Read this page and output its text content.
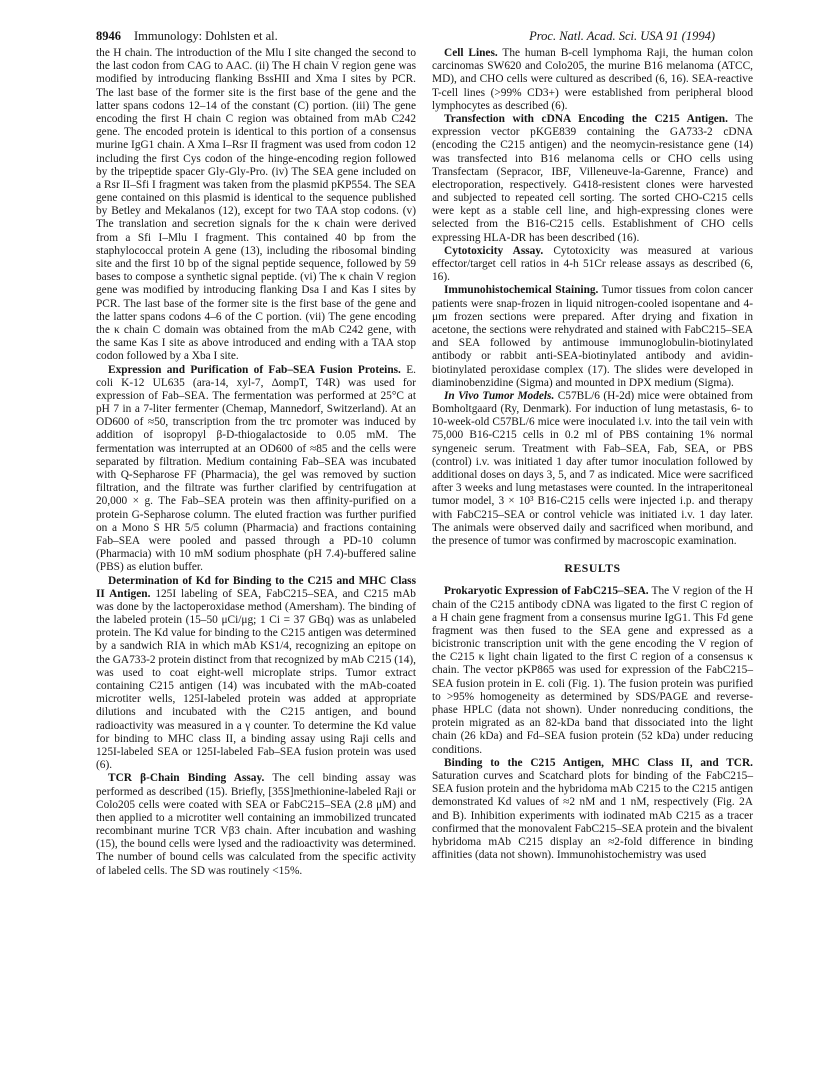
8946 Immunology: Dohlsten et al.	Proc. Natl. Acad. Sci. USA 91 (1994)

the H chain. The introduction of the Mlu I site changed the second to the last codon from CAG to AAC. (ii) The H chain V region gene was modified by introducing flanking BssHII and Xma I sites by PCR. The last base of the former site is the first base of the gene and the latter spans codons 12–14 of the constant (C) portion. (iii) The gene encoding the first H chain C region was obtained from mAb C242 gene. The encoded protein is identical to this portion of a consensus murine IgG1 chain. A Xma I–Rsr II fragment was used from codon 12 including the first Cys codon of the hinge-encoding region followed by the tripeptide spacer Gly-Gly-Pro. (iv) The SEA gene included on a Rsr II–Sfi I fragment was taken from the plasmid pKP554. The SEA gene contained on this plasmid is identical to the sequence published by Betley and Mekalanos (12), except for two TAA stop codons. (v) The translation and secretion signals for the κ chain were derived from a Sfi I–Mlu I fragment. This contained 40 bp from the staphylococcal protein A gene (13), including the ribosomal binding site and the first 10 bp of the signal peptide sequence, followed by 59 bases to compose a synthetic signal peptide. (vi) The κ chain V region gene was modified by introducing flanking Dsa I and Kas I sites by PCR. The last base of the former site is the first base of the gene and the latter spans codons 4–6 of the C portion. (vii) The gene encoding the κ chain C domain was obtained from the mAb C242 gene, with the same Kas I site as above introduced and ending with a TAA stop codon followed by a Xba I site.

Expression and Purification of Fab–SEA Fusion Proteins. E. coli K-12 UL635 (ara-14, xyl-7, ΔompT, T4R) was used for expression of Fab–SEA. The fermentation was performed at 25°C at pH 7 in a 7-liter fermenter (Chemap, Mannedorf, Switzerland). At an OD600 of ≈50, transcription from the trc promoter was induced by addition of isopropyl β-D-thiogalactoside to 0.05 mM. The fermentation was interrupted at an OD600 of ≈85 and the cells were separated by filtration. Medium containing Fab–SEA was incubated with Q-Sepharose FF (Pharmacia), the gel was removed by suction filtration, and the filtrate was further clarified by centrifugation at 20,000 × g. The Fab–SEA protein was then affinity-purified on a protein G-Sepharose column. The eluted fraction was further purified on a Mono S HR 5/5 column (Pharmacia) and fractions containing Fab–SEA were pooled and passed through a PD-10 column (Pharmacia) with 10 mM sodium phosphate (pH 7.4)-buffered saline (PBS) as elution buffer.

Determination of Kd for Binding to the C215 and MHC Class II Antigen. 125I labeling of SEA, FabC215–SEA, and C215 mAb was done by the lactoperoxidase method (Amersham). The binding of the labeled protein (15–50 μCi/μg; 1 Ci = 37 GBq) was as unlabeled protein. The Kd value for binding to the C215 antigen was determined by a sandwich RIA in which mAb KS1/4, recognizing an epitope on the GA733-2 protein distinct from that recognized by mAb C215 (14), was used to coat eight-well microplate strips. Tumor extract containing C215 antigen (14) was incubated with the mAb-coated microtiter wells, 125I-labeled protein was added at appropriate dilutions and incubated with the C215 antigen, and bound radioactivity was measured in a γ counter. To determine the Kd value for binding to MHC class II, a binding assay using Raji cells and 125I-labeled SEA or 125I-labeled Fab–SEA fusion protein was used (6).

TCR β-Chain Binding Assay. The cell binding assay was performed as described (15). Briefly, [35S]methionine-labeled Raji or Colo205 cells were coated with SEA or FabC215–SEA (2.8 μM) and then applied to a microtiter well containing an immobilized truncated recombinant murine TCR Vβ3 chain. After incubation and washing (15), the bound cells were lysed and the radioactivity was determined. The number of bound cells was calculated from the specific activity of labeled cells. The SD was routinely <15%.

Cell Lines. The human B-cell lymphoma Raji, the human colon carcinomas SW620 and Colo205, the murine B16 melanoma (ATCC, MD), and CHO cells were cultured as described (6, 16). SEA-reactive T-cell lines (>99% CD3+) were established from peripheral blood lymphocytes as described (6).

Transfection with cDNA Encoding the C215 Antigen. The expression vector pKGE839 containing the GA733-2 cDNA (encoding the C215 antigen) and the neomycin-resistance gene (14) was transfected into B16 melanoma cells or CHO cells using Transfectam (Sepracor, IBF, Villeneuve-la-Garenne, France) and electroporation, respectively. G418-resistent clones were harvested and subjected to repeated cell sorting. The sorted CHO-C215 cells were kept as a stable cell line, and high-expressing clones were selected from the B16-C215 cells. Establishment of CHO cells expressing HLA-DR has been described (16).

Cytotoxicity Assay. Cytotoxicity was measured at various effector/target cell ratios in 4-h 51Cr release assays as described (6, 16).

Immunohistochemical Staining. Tumor tissues from colon cancer patients were snap-frozen in liquid nitrogen-cooled isopentane and 4-μm frozen sections were prepared. After drying and fixation in acetone, the sections were rehydrated and stained with FabC215–SEA and SEA followed by antimouse immunoglobulin-biotinylated antibody or rabbit anti-SEA-biotinylated antibody and avidin-biotinylated peroxidase complex (17). The slides were developed in diaminobenzidine (Sigma) and mounted in DPX medium (Sigma).

In Vivo Tumor Models. C57BL/6 (H-2d) mice were obtained from Bomholtgaard (Ry, Denmark). For induction of lung metastasis, 6- to 10-week-old C57BL/6 mice were inoculated i.v. into the tail vein with 75,000 B16-C215 cells in 0.2 ml of PBS containing 1% normal syngeneic serum. Treatment with Fab–SEA, Fab, SEA, or PBS (control) i.v. was initiated 1 day after tumor inoculation followed by additional doses on days 3, 5, and 7 as indicated. Mice were sacrificed after 3 weeks and lung metastases were counted. In the intraperitoneal tumor model, 3 × 10³ B16-C215 cells were injected i.p. and therapy with FabC215–SEA or control vehicle was initiated i.v. 1 day later. The animals were observed daily and sacrificed when moribund, and the presence of tumor was confirmed by macroscopic examination.

RESULTS

Prokaryotic Expression of FabC215–SEA. The V region of the H chain of the C215 antibody cDNA was ligated to the first C region of a H chain gene fragment from a consensus murine IgG1. This Fd gene fragment was then fused to the SEA gene and expressed as a bicistronic transcription unit with the gene encoding the V region of the C215 κ light chain ligated to the first C region of a consensus κ chain. The vector pKP865 was used for expression of the FabC215–SEA fusion protein in E. coli (Fig. 1). The fusion protein was purified to >95% homogeneity as determined by SDS/PAGE and reverse-phase HPLC (data not shown). Under nonreducing conditions, the protein migrated as an 82-kDa band that dissociated into the light chain (26 kDa) and Fd–SEA fusion protein (52 kDa) under reducing conditions.

Binding to the C215 Antigen, MHC Class II, and TCR. Saturation curves and Scatchard plots for binding of the FabC215–SEA fusion protein and the hybridoma mAb C215 to the C215 antigen demonstrated Kd values of ≈2 nM and 1 nM, respectively (Fig. 2A and B). Inhibition experiments with iodinated mAb C215 as a tracer confirmed that the monovalent FabC215–SEA protein and the bivalent hybridoma mAb C215 display an ≈2-fold difference in binding affinities (data not shown). Immunohistochemistry was used
